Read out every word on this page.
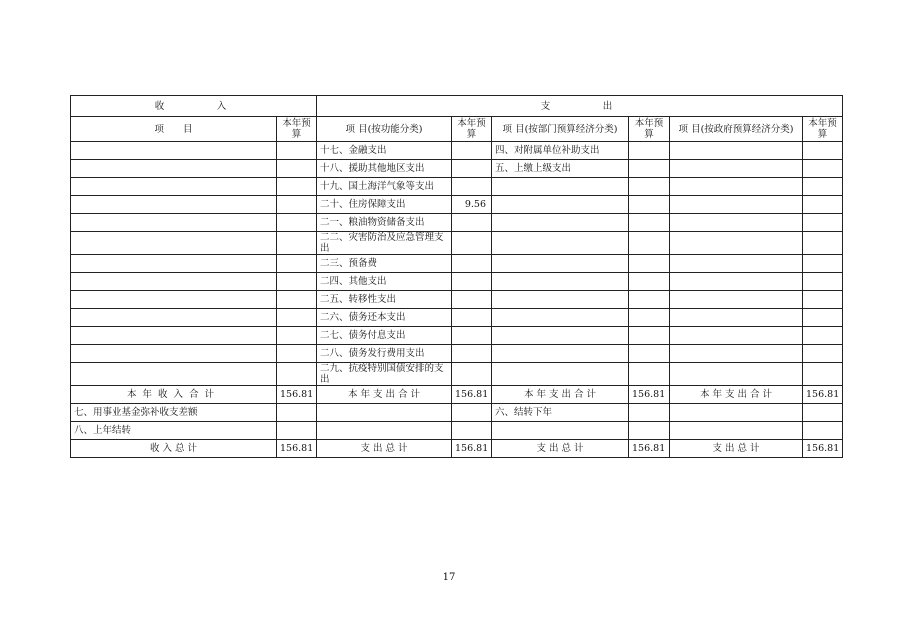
收　　　入		支　　　出					
项　　目	本年预算	项 目(按功能分类)	本年预算	项 目(按部门预算经济分类)	本年预算	项 目(按政府预算经济分类)	本年预算

		十七、金融支出		四、对附属单位补助支出			
		十八、援助其他地区支出		五、上缴上级支出			
		十九、国土海洋气象等支出					
		二十、住房保障支出	9.56				
		二一、粮油物资储备支出					
		二二、灾害防治及应急管理支出					
		二三、预备费					
		二四、其他支出					
		二五、转移性支出					
		二六、债务还本支出					
		二七、债务付息支出					
		二八、债务发行费用支出					
		二九、抗疫特别国债安排的支出					
本年收入合计	156.81	本 年 支 出 合 计	156.81	本 年 支 出 合 计	156.81	本 年 支 出 合 计	156.81
七、用事业基金弥补收支差额				六、结转下年			
八、上年结转							
收 入 总 计	156.81	支 出 总 计	156.81	支 出 总 计	156.81	支 出 总 计	156.81
17
